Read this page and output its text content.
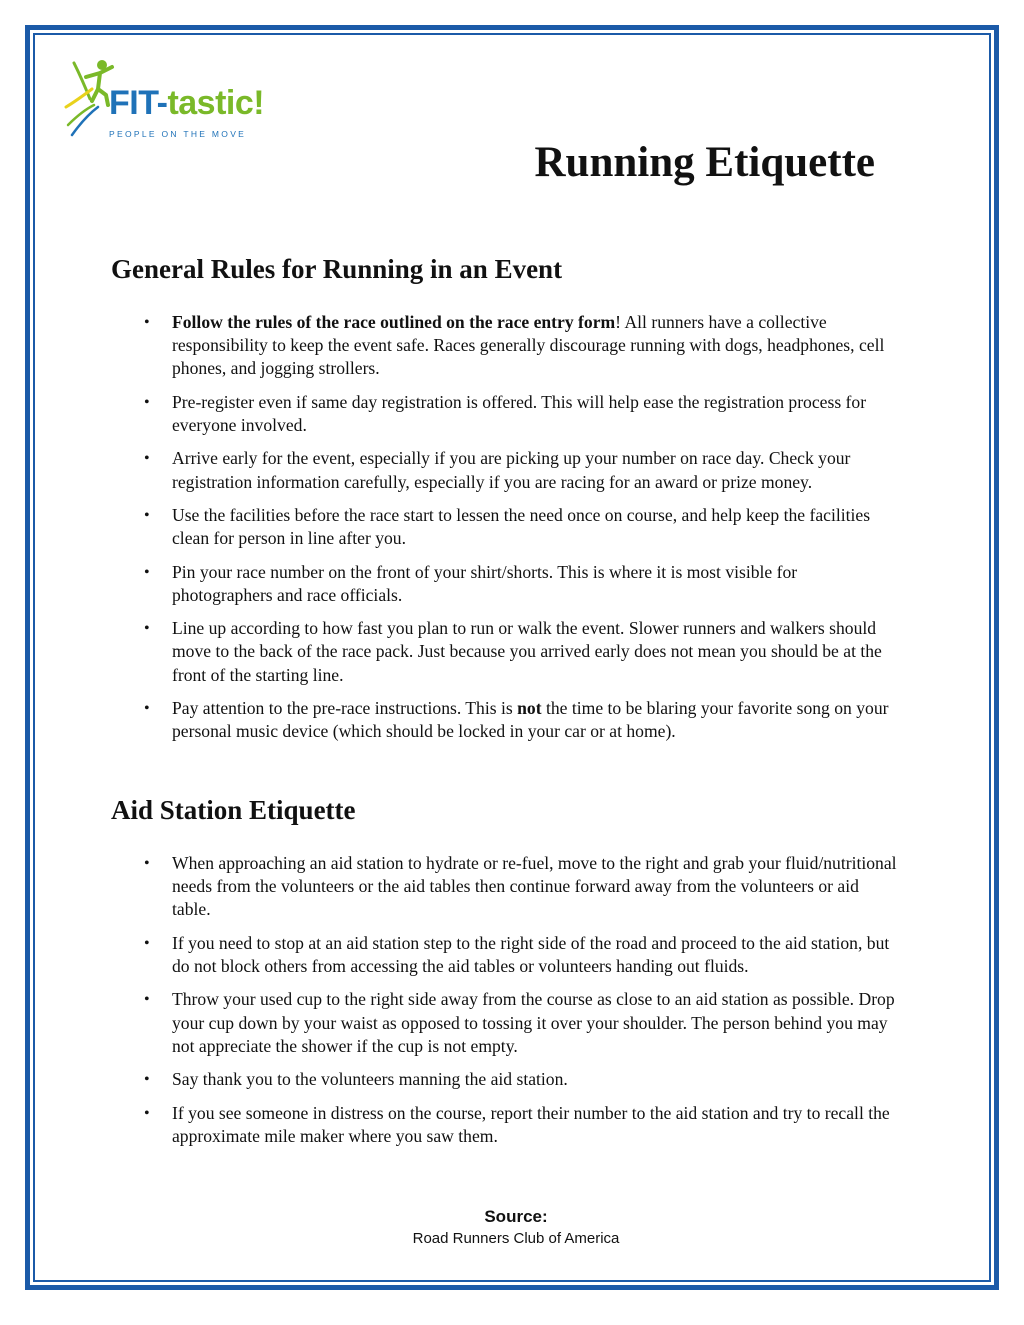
FIT-tastic!
PEOPLE ON THE MOVE
Running Etiquette
General Rules for Running in an Event
• Follow the rules of the race outlined on the race entry form! All runners have a collective responsibility to keep the event safe. Races generally discourage running with dogs, headphones, cell phones, and jogging strollers.
• Pre-register even if same day registration is offered. This will help ease the registration process for everyone involved.
• Arrive early for the event, especially if you are picking up your number on race day. Check your registration information carefully, especially if you are racing for an award or prize money.
• Use the facilities before the race start to lessen the need once on course, and help keep the facilities clean for person in line after you.
• Pin your race number on the front of your shirt/shorts. This is where it is most visible for photographers and race officials.
• Line up according to how fast you plan to run or walk the event. Slower runners and walkers should move to the back of the race pack. Just because you arrived early does not mean you should be at the front of the starting line.
• Pay attention to the pre-race instructions. This is not the time to be blaring your favorite song on your personal music device (which should be locked in your car or at home).
Aid Station Etiquette
• When approaching an aid station to hydrate or re-fuel, move to the right and grab your fluid/nutritional needs from the volunteers or the aid tables then continue forward away from the volunteers or aid table.
• If you need to stop at an aid station step to the right side of the road and proceed to the aid station, but do not block others from accessing the aid tables or volunteers handing out fluids.
• Throw your used cup to the right side away from the course as close to an aid station as possible. Drop your cup down by your waist as opposed to tossing it over your shoulder. The person behind you may not appreciate the shower if the cup is not empty.
• Say thank you to the volunteers manning the aid station.
• If you see someone in distress on the course, report their number to the aid station and try to recall the approximate mile maker where you saw them.
Source:
Road Runners Club of America
